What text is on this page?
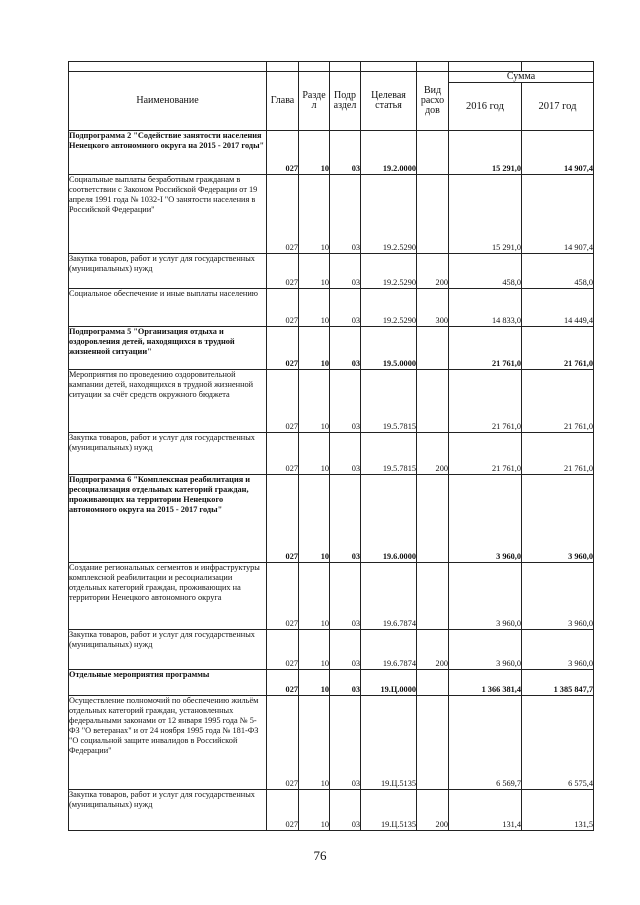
Наименование	Глава	Разде л	Подр аздел	Целевая статья	Вид расхо дов	Сумма	
						2016 год	2017 год
Подпрограмма 2 "Содействие занятости населения Ненецкого автономного округа на 2015 - 2017 годы"	027	10	03	19.2.0000		15 291,0	14 907,4
Социальные выплаты безработным гражданам в соответствии с Законом Российской Федерации от 19 апреля 1991 года № 1032-I "О занятости населения в Российской Федерации"	027	10	03	19.2.5290		15 291,0	14 907,4
Закупка товаров, работ и услуг для государственных (муниципальных) нужд	027	10	03	19.2.5290	200	458,0	458,0
Социальное обеспечение и иные выплаты населению	027	10	03	19.2.5290	300	14 833,0	14 449,4
Подпрограмма 5 "Организация отдыха и оздоровления детей, находящихся в трудной жизненной ситуации"	027	10	03	19.5.0000		21 761,0	21 761,0
Мероприятия по проведению оздоровительной кампании детей, находящихся в трудной жизненной ситуации за счёт средств окружного бюджета	027	10	03	19.5.7815		21 761,0	21 761,0
Закупка товаров, работ и услуг для государственных (муниципальных) нужд	027	10	03	19.5.7815	200	21 761,0	21 761,0
Подпрограмма 6 "Комплексная реабилитация и ресоциализация отдельных категорий граждан, проживающих на территории Ненецкого автономного округа на 2015 - 2017 годы"	027	10	03	19.6.0000		3 960,0	3 960,0
Создание региональных сегментов и инфраструктуры комплексной реабилитации и ресоциализации отдельных категорий граждан, проживающих на территории Ненецкого автономного округа	027	10	03	19.6.7874		3 960,0	3 960,0
Закупка товаров, работ и услуг для государственных (муниципальных) нужд	027	10	03	19.6.7874	200	3 960,0	3 960,0
Отдельные мероприятия программы	027	10	03	19.Ц.0000		1 366 381,4	1 385 847,7
Осуществление полномочий по обеспечению жильём отдельных категорий граждан, установленных федеральными законами от 12 января 1995 года № 5-ФЗ "О ветеранах" и от 24 ноября 1995 года № 181-ФЗ "О социальной защите инвалидов в Российской Федерации"	027	10	03	19.Ц.5135		6 569,7	6 575,4
Закупка товаров, работ и услуг для государственных (муниципальных) нужд	027	10	03	19.Ц.5135	200	131,4	131,5
76
